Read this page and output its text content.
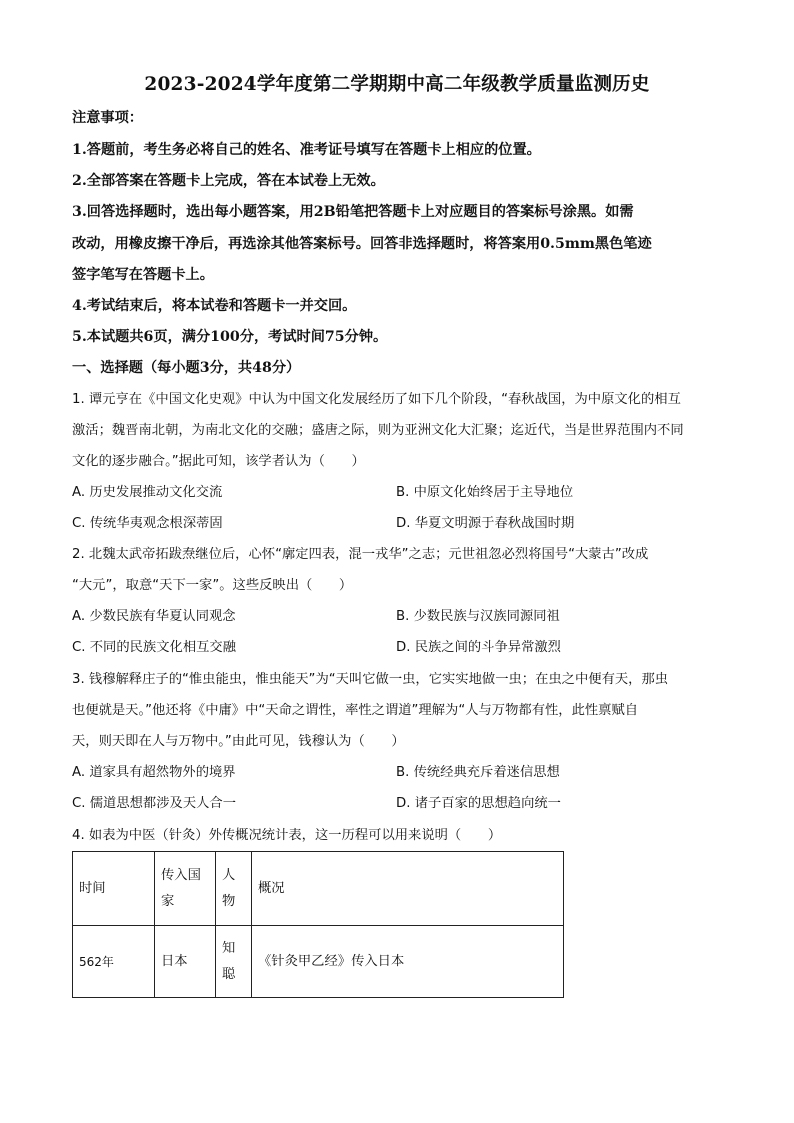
2023-2024学年度第二学期期中高二年级教学质量监测历史
注意事项：
1.答题前，考生务必将自己的姓名、准考证号填写在答题卡上相应的位置。
2.全部答案在答题卡上完成，答在本试卷上无效。
3.回答选择题时，选出每小题答案，用2B铅笔把答题卡上对应题目的答案标号涂黑。如需
改动，用橡皮擦干净后，再选涂其他答案标号。回答非选择题时，将答案用0.5mm黑色笔迹
签字笔写在答题卡上。
4.考试结束后，将本试卷和答题卡一并交回。
5.本试题共6页，满分100分，考试时间75分钟。
一、选择题（每小题3分，共48分）
1. 谭元亨在《中国文化史观》中认为中国文化发展经历了如下几个阶段，“春秋战国，为中原文化的相互
激活；魏晋南北朝，为南北文化的交融；盛唐之际，则为亚洲文化大汇聚；迄近代，当是世界范围内不同
文化的逐步融合。”据此可知，该学者认为（　　）
A. 历史发展推动文化交流	B. 中原文化始终居于主导地位
C. 传统华夷观念根深蒂固	D. 华夏文明源于春秋战国时期
2. 北魏太武帝拓跋焘继位后，心怀“廓定四表，混一戎华”之志；元世祖忽必烈将国号“大蒙古”改成
“大元”，取意“天下一家”。这些反映出（　　）
A. 少数民族有华夏认同观念	B. 少数民族与汉族同源同祖
C. 不同的民族文化相互交融	D. 民族之间的斗争异常激烈
3. 钱穆解释庄子的“惟虫能虫，惟虫能天”为“天叫它做一虫，它实实地做一虫；在虫之中便有天，那虫
也便就是天。”他还将《中庸》中“天命之谓性，率性之谓道”理解为“人与万物都有性，此性禀赋自
天，则天即在人与万物中。”由此可见，钱穆认为（　　）
A. 道家具有超然物外的境界	B. 传统经典充斥着迷信思想
C. 儒道思想都涉及天人合一	D. 诸子百家的思想趋向统一
4. 如表为中医（针灸）外传概况统计表，这一历程可以用来说明（　　）
时间	传入国家	人物	概况
562年	日本	知聪	《针灸甲乙经》传入日本
